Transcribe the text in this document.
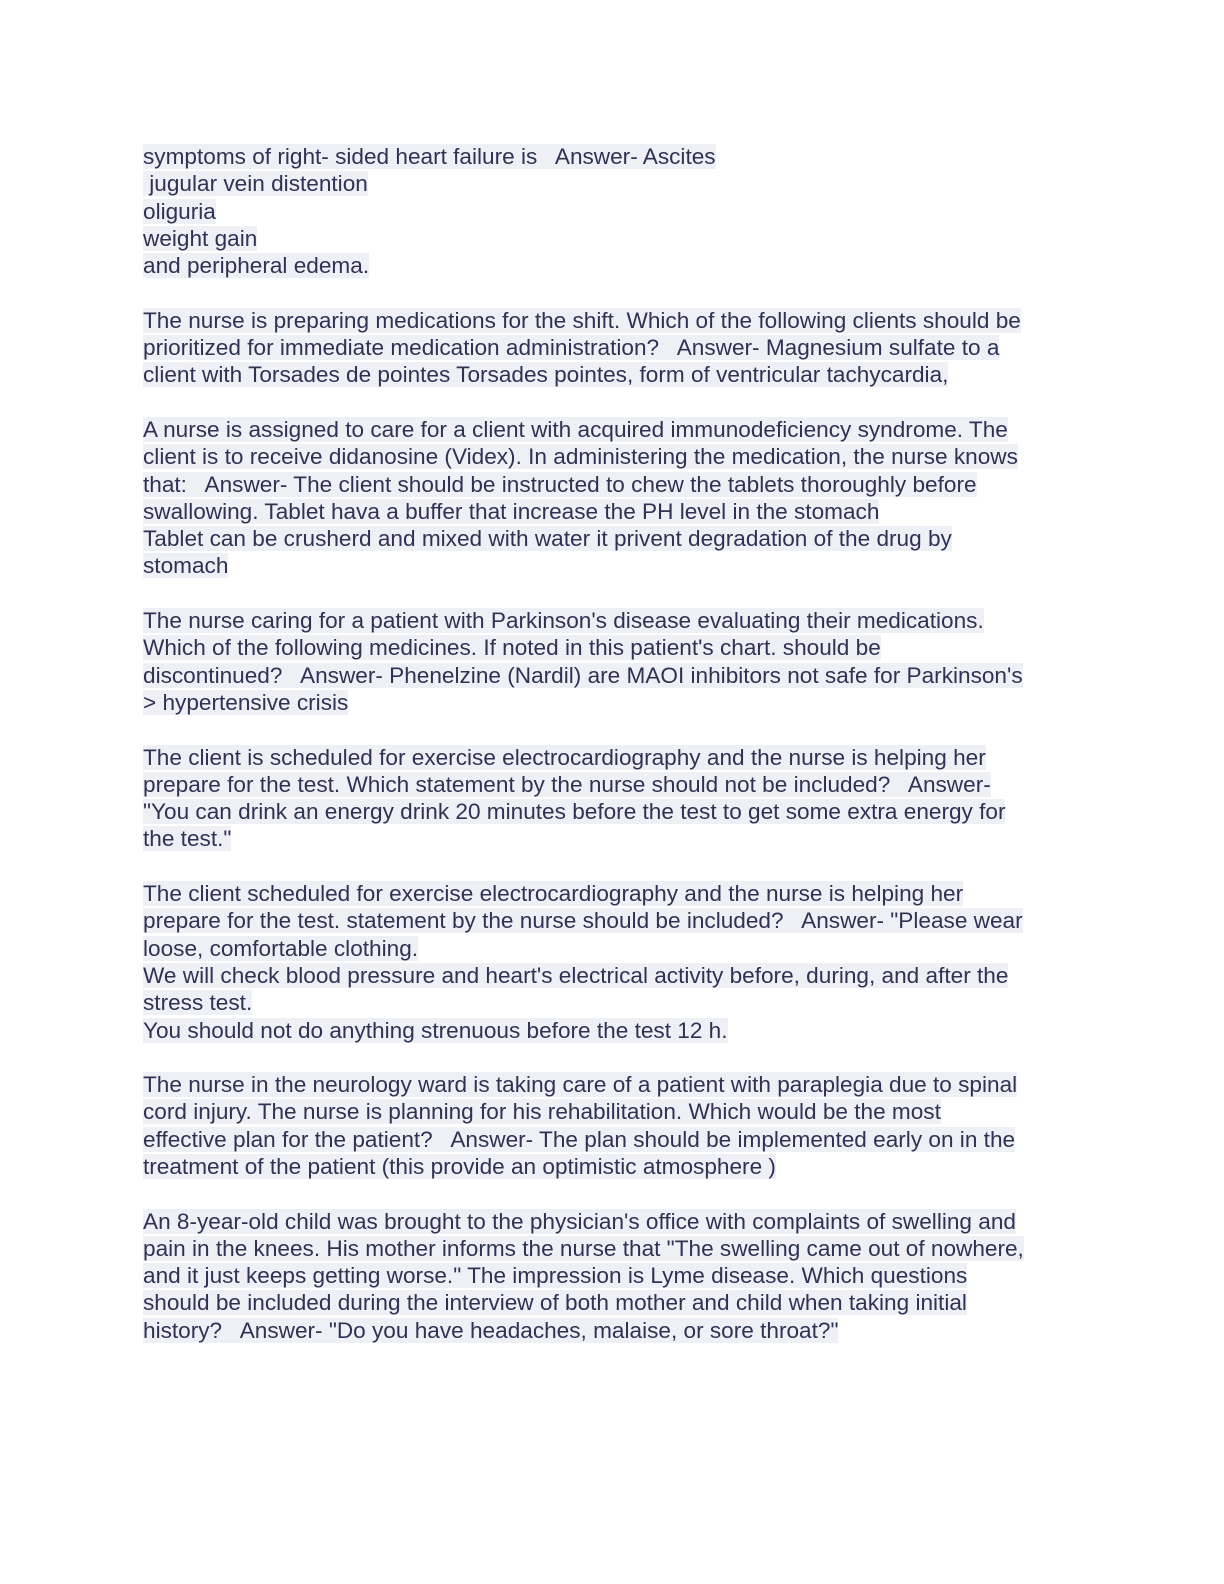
symptoms of right- sided heart failure is   Answer- Ascites
jugular vein distention
oliguria
weight gain
and peripheral edema.
The nurse is preparing medications for the shift. Which of the following clients should be
prioritized for immediate medication administration?   Answer- Magnesium sulfate to a
client with Torsades de pointes Torsades pointes, form of ventricular tachycardia,
A nurse is assigned to care for a client with acquired immunodeficiency syndrome. The
client is to receive didanosine (Videx). In administering the medication, the nurse knows
that:   Answer- The client should be instructed to chew the tablets thoroughly before
swallowing. Tablet hava a buffer that increase the PH level in the stomach
Tablet can be crusherd and mixed with water it privent degradation of the drug by
stomach
The nurse caring for a patient with Parkinson's disease evaluating their medications.
Which of the following medicines. If noted in this patient's chart. should be
discontinued?   Answer- Phenelzine (Nardil) are MAOI inhibitors not safe for Parkinson's
> hypertensive crisis
The client is scheduled for exercise electrocardiography and the nurse is helping her
prepare for the test. Which statement by the nurse should not be included?   Answer-
"You can drink an energy drink 20 minutes before the test to get some extra energy for
the test."
The client scheduled for exercise electrocardiography and the nurse is helping her
prepare for the test. statement by the nurse should be included?   Answer- "Please wear
loose, comfortable clothing.
We will check blood pressure and heart's electrical activity before, during, and after the
stress test.
You should not do anything strenuous before the test 12 h.
The nurse in the neurology ward is taking care of a patient with paraplegia due to spinal
cord injury. The nurse is planning for his rehabilitation. Which would be the most
effective plan for the patient?   Answer- The plan should be implemented early on in the
treatment of the patient (this provide an optimistic atmosphere )
An 8-year-old child was brought to the physician's office with complaints of swelling and
pain in the knees. His mother informs the nurse that "The swelling came out of nowhere,
and it just keeps getting worse." The impression is Lyme disease. Which questions
should be included during the interview of both mother and child when taking initial
history?   Answer- "Do you have headaches, malaise, or sore throat?"
